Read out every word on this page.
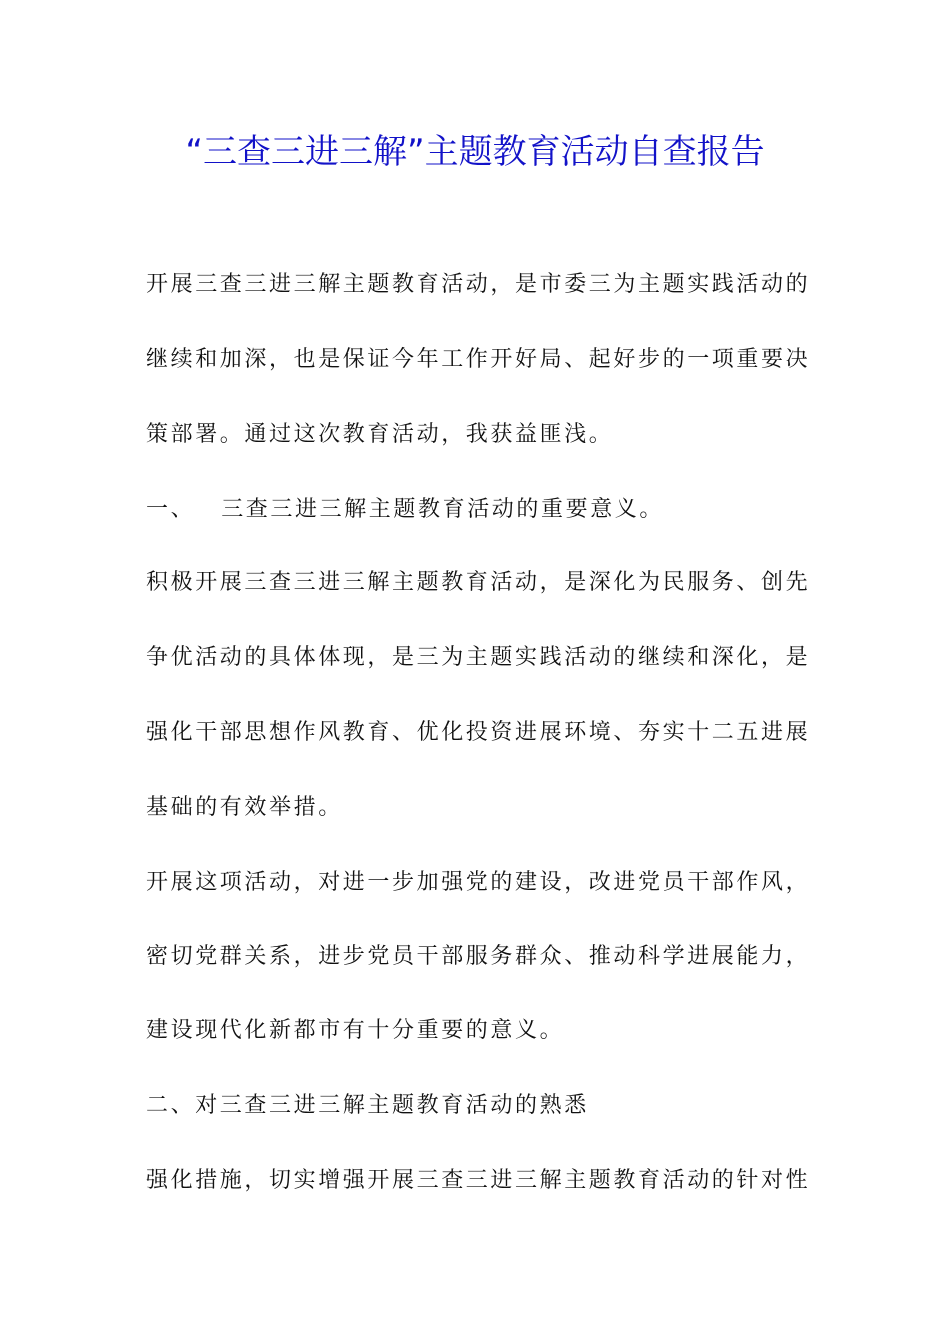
“三查三进三解”主题教育活动自查报告
开展三查三进三解主题教育活动，是市委三为主题实践活动的
继续和加深，也是保证今年工作开好局、起好步的一项重要决
策部署。通过这次教育活动，我获益匪浅。
一、 三查三进三解主题教育活动的重要意义。
积极开展三查三进三解主题教育活动，是深化为民服务、创先
争优活动的具体体现，是三为主题实践活动的继续和深化，是
强化干部思想作风教育、优化投资进展环境、夯实十二五进展
基础的有效举措。
开展这项活动，对进一步加强党的建设，改进党员干部作风，
密切党群关系，进步党员干部服务群众、推动科学进展能力，
建设现代化新都市有十分重要的意义。
二、对三查三进三解主题教育活动的熟悉
强化措施，切实增强开展三查三进三解主题教育活动的针对性
